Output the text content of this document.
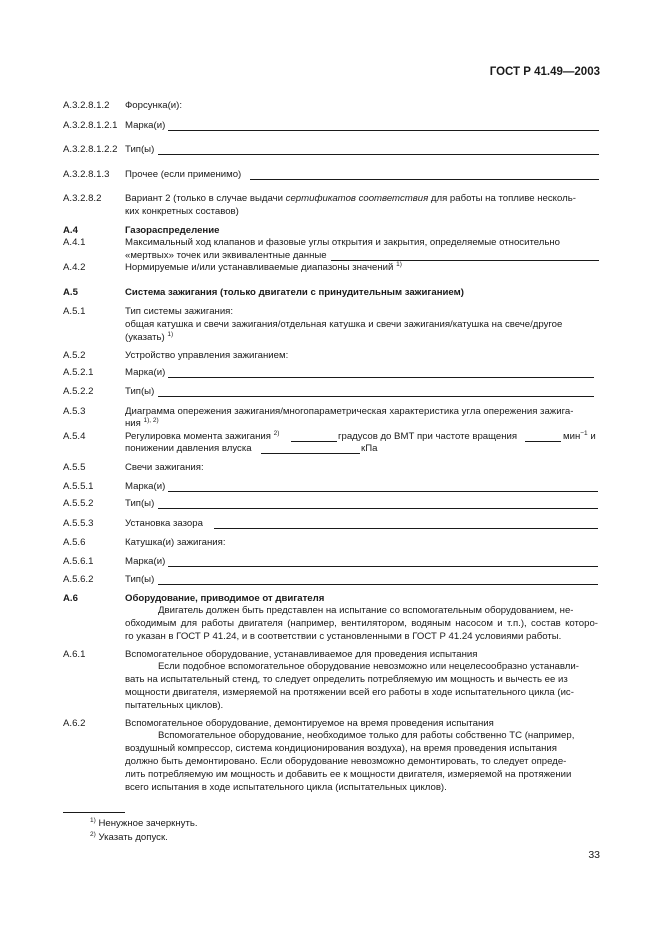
ГОСТ Р 41.49—2003
А.3.2.8.1.2 Форсунка(и):
А.3.2.8.1.2.1 Марка(и)
А.3.2.8.1.2.2 Тип(ы)
А.3.2.8.1.3 Прочее (если применимо)
А.3.2.8.2 Вариант 2 (только в случае выдачи сертификатов соответствия для работы на топливе несколь-
ких конкретных составов)
А.4	Газораспределение
А.4.1	Максимальный ход клапанов и фазовые углы открытия и закрытия, определяемые относительно
«мертвых» точек или эквивалентные данные
А.4.2	Нормируемые и/или устанавливаемые диапазоны значений $^{1)}$
А.5	Система зажигания (только двигатели с принудительным зажиганием)
А.5.1	Тип системы зажигания:
общая катушка и свечи зажигания/отдельная катушка и свечи зажигания/катушка на свече/другое
(указать) $^{1)}$
А.5.2	Устройство управления зажиганием:
А.5.2.1	Марка(и)
А.5.2.2	Тип(ы)
А.5.3	Диаграмма опережения зажигания/многопараметрическая характеристика угла опережения зажига-
ния $^{1), 2)}$
А.5.4	Регулировка момента зажигания $^{2)}$	градусов до ВМТ при частоте вращения	мин$^{-1}$ и
понижении давления влуска	кПа
А.5.5	Свечи зажигания:
А.5.5.1	Марка(и)
А.5.5.2	Тип(ы)
А.5.5.3	Установка зазора
А.5.6	Катушка(и) зажигания:
А.5.6.1	Марка(и)
А.5.6.2	Тип(ы)
А.6	Оборудование, приводимое от двигателя
Двигатель должен быть представлен на испытание со вспомогательным оборудованием, не-
обходимым для работы двигателя (например, вентилятором, водяным насосом и т.п.), состав которо-
го указан в ГОСТ Р 41.24, и в соответствии с установленными в ГОСТ Р 41.24 условиями работы.
А.6.1	Вспомогательное оборудование, устанавливаемое для проведения испытания
Если подобное вспомогательное оборудование невозможно или нецелесообразно устанавли-
вать на испытательный стенд, то следует определить потребляемую им мощность и вычесть ее из
мощности двигателя, измеряемой на протяжении всей его работы в ходе испытательного цикла (ис-
пытательных циклов).
А.6.2	Вспомогательное оборудование, демонтируемое на время проведения испытания
Вспомогательное оборудование, необходимое только для работы собственно ТС (например,
воздушный компрессор, система кондиционирования воздуха), на время проведения испытания
должно быть демонтировано. Если оборудование невозможно демонтировать, то следует опреде-
лить потребляемую им мощность и добавить ее к мощности двигателя, измеряемой на протяжении
всего испытания в ходе испытательного цикла (испытательных циклов).
$^{1)}$ Ненужное зачеркнуть.
$^{2)}$ Указать допуск.
33
